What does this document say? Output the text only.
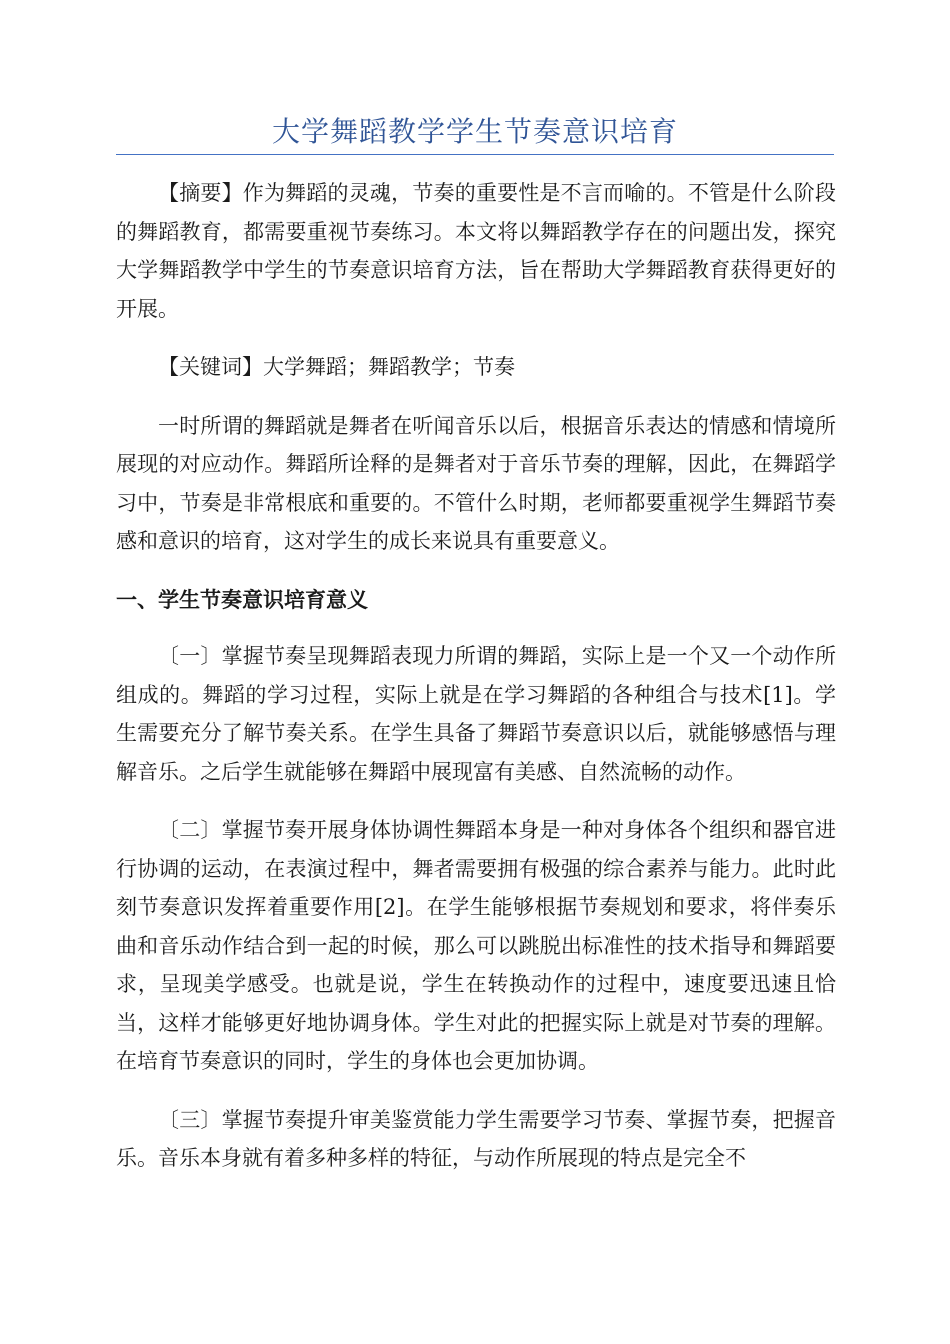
大学舞蹈教学学生节奏意识培育

【摘要】作为舞蹈的灵魂，节奏的重要性是不言而喻的。不管是什么阶段的舞蹈教育，都需要重视节奏练习。本文将以舞蹈教学存在的问题出发，探究大学舞蹈教学中学生的节奏意识培育方法，旨在帮助大学舞蹈教育获得更好的开展。

【关键词】大学舞蹈；舞蹈教学；节奏

一时所谓的舞蹈就是舞者在听闻音乐以后，根据音乐表达的情感和情境所展现的对应动作。舞蹈所诠释的是舞者对于音乐节奏的理解，因此，在舞蹈学习中，节奏是非常根底和重要的。不管什么时期，老师都要重视学生舞蹈节奏感和意识的培育，这对学生的成长来说具有重要意义。

一、学生节奏意识培育意义

〔一〕掌握节奏呈现舞蹈表现力所谓的舞蹈，实际上是一个又一个动作所组成的。舞蹈的学习过程，实际上就是在学习舞蹈的各种组合与技术[1]。学生需要充分了解节奏关系。在学生具备了舞蹈节奏意识以后，就能够感悟与理解音乐。之后学生就能够在舞蹈中展现富有美感、自然流畅的动作。

〔二〕掌握节奏开展身体协调性舞蹈本身是一种对身体各个组织和器官进行协调的运动，在表演过程中，舞者需要拥有极强的综合素养与能力。此时此刻节奏意识发挥着重要作用[2]。在学生能够根据节奏规划和要求，将伴奏乐曲和音乐动作结合到一起的时候，那么可以跳脱出标准性的技术指导和舞蹈要求，呈现美学感受。也就是说，学生在转换动作的过程中，速度要迅速且恰当，这样才能够更好地协调身体。学生对此的把握实际上就是对节奏的理解。在培育节奏意识的同时，学生的身体也会更加协调。

〔三〕掌握节奏提升审美鉴赏能力学生需要学习节奏、掌握节奏，把握音乐。音乐本身就有着多种多样的特征，与动作所展现的特点是完全不
